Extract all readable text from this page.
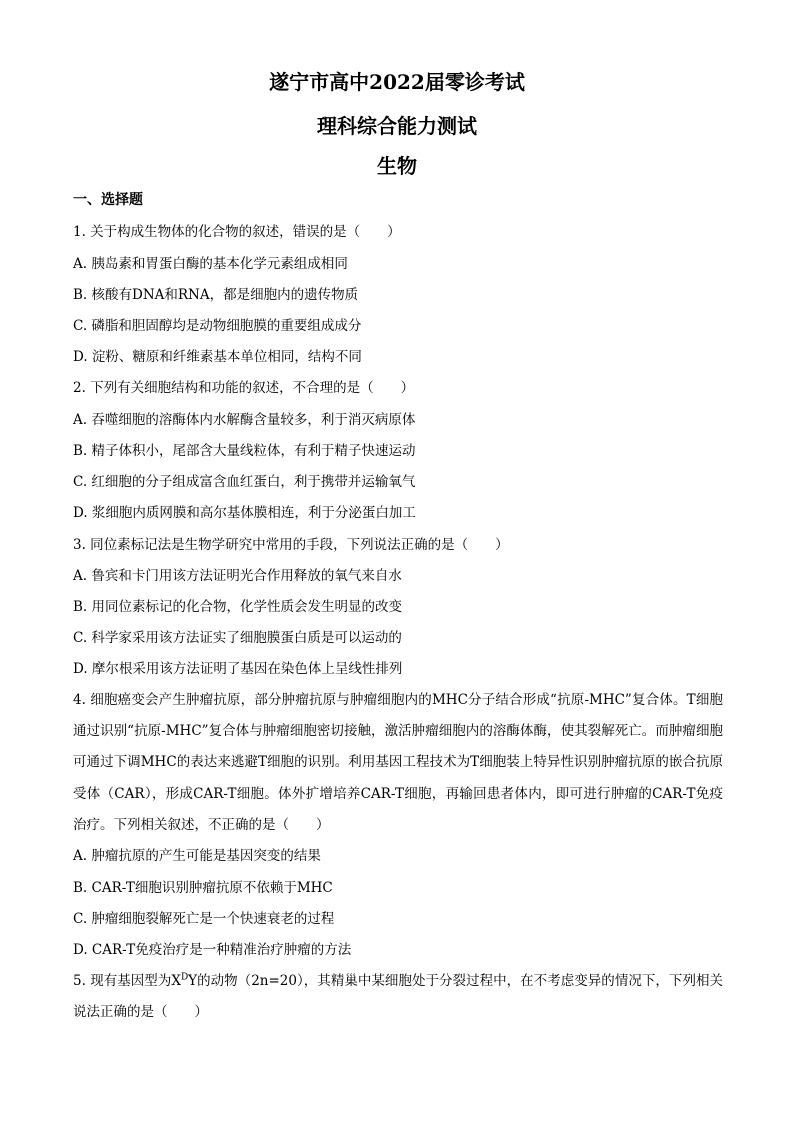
遂宁市高中2022届零诊考试
理科综合能力测试
生物
一、选择题
1. 关于构成生物体的化合物的叙述，错误的是（　　）
A. 胰岛素和胃蛋白酶的基本化学元素组成相同
B. 核酸有DNA和RNA，都是细胞内的遗传物质
C. 磷脂和胆固醇均是动物细胞膜的重要组成成分
D. 淀粉、糖原和纤维素基本单位相同，结构不同
2. 下列有关细胞结构和功能的叙述，不合理的是（　　）
A. 吞噬细胞的溶酶体内水解酶含量较多，利于消灭病原体
B. 精子体积小，尾部含大量线粒体，有利于精子快速运动
C. 红细胞的分子组成富含血红蛋白，利于携带并运输氧气
D. 浆细胞内质网膜和高尔基体膜相连，利于分泌蛋白加工
3. 同位素标记法是生物学研究中常用的手段，下列说法正确的是（　　）
A. 鲁宾和卡门用该方法证明光合作用释放的氧气来自水
B. 用同位素标记的化合物，化学性质会发生明显的改变
C. 科学家采用该方法证实了细胞膜蛋白质是可以运动的
D. 摩尔根采用该方法证明了基因在染色体上呈线性排列
4. 细胞癌变会产生肿瘤抗原，部分肿瘤抗原与肿瘤细胞内的MHC分子结合形成“抗原-MHC”复合体。T细胞通过识别“抗原-MHC”复合体与肿瘤细胞密切接触，激活肿瘤细胞内的溶酶体酶，使其裂解死亡。而肿瘤细胞可通过下调MHC的表达来逃避T细胞的识别。利用基因工程技术为T细胞装上特异性识别肿瘤抗原的嵌合抗原受体（CAR），形成CAR-T细胞。体外扩增培养CAR-T细胞，再输回患者体内，即可进行肿瘤的CAR-T免疫治疗。下列相关叙述，不正确的是（　　）
A. 肿瘤抗原的产生可能是基因突变的结果
B. CAR-T细胞识别肿瘤抗原不依赖于MHC
C. 肿瘤细胞裂解死亡是一个快速衰老的过程
D. CAR-T免疫治疗是一种精准治疗肿瘤的方法
5. 现有基因型为$X^DY$的动物（2n=20），其精巢中某细胞处于分裂过程中，在不考虑变异的情况下，下列相关说法正确的是（　　）
